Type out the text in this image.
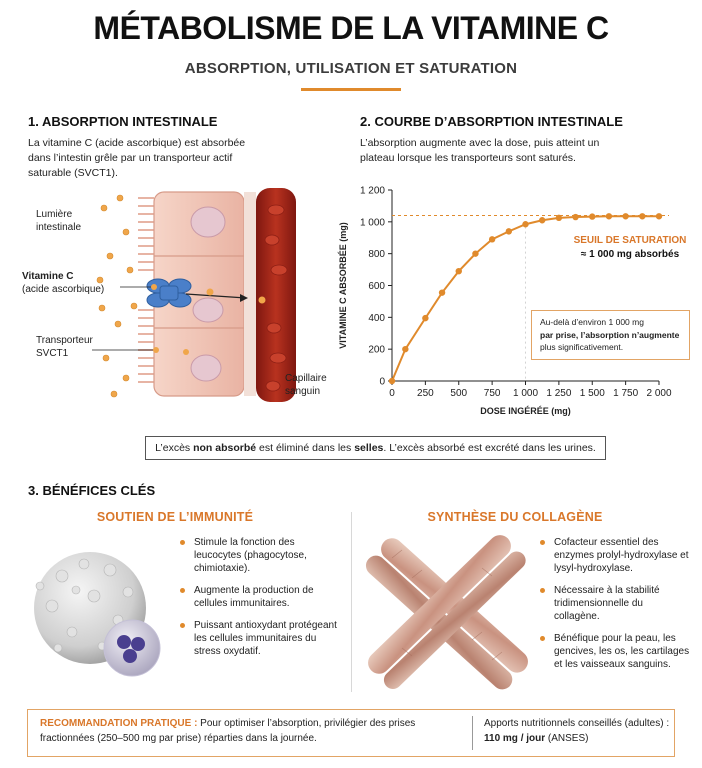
MÉTABOLISME DE LA VITAMINE C
ABSORPTION, UTILISATION ET SATURATION
1. ABSORPTION INTESTINALE
La vitamine C (acide ascorbique) est absorbée dans l’intestin grêle par un transporteur actif saturable (SVCT1).
Lumière
intestinale
Vitamine C
(acide ascorbique)
Transporteur
SVCT1
Capillaire
sanguin
2. COURBE D’ABSORPTION INTESTINALE
L’absorption augmente avec la dose, puis atteint un plateau lorsque les transporteurs sont saturés.
0
200
400
600
800
1 000
1 200
0 250 500 750 1 000 1 250 1 500 1 750 2 000
DOSE INGÉRÉE (mg)
VITAMINE C ABSORBÉE (mg)	SEUIL DE SATURATION
≈ 1 000 mg absorbés
Au-delà d’environ 1 000 mg
par prise, l’absorption n’augmente
plus significativement.
L’excès non absorbé est éliminé dans les selles. L’excès absorbé est excrété dans les urines.
3. BÉNÉFICES CLÉS
SOUTIEN DE L’IMMUNITÉ	SYNTHÈSE DU COLLAGÈNE
Stimule la fonction des leucocytes (phagocytose, chimiotaxie).
Augmente la production de cellules immunitaires.
Puissant antioxydant protégeant les cellules immunitaires du stress oxydatif.
Cofacteur essentiel des enzymes prolyl-hydroxylase et lysyl-hydroxylase.
Nécessaire à la stabilité tridimensionnelle du collagène.
Bénéfique pour la peau, les gencives, les os, les cartilages et les vaisseaux sanguins.
RECOMMANDATION PRATIQUE : Pour optimiser l’absorption, privilégier des prises fractionnées (250–500 mg par prise) réparties dans la journée.
Apports nutritionnels conseillés (adultes) :
110 mg / jour (ANSES)
